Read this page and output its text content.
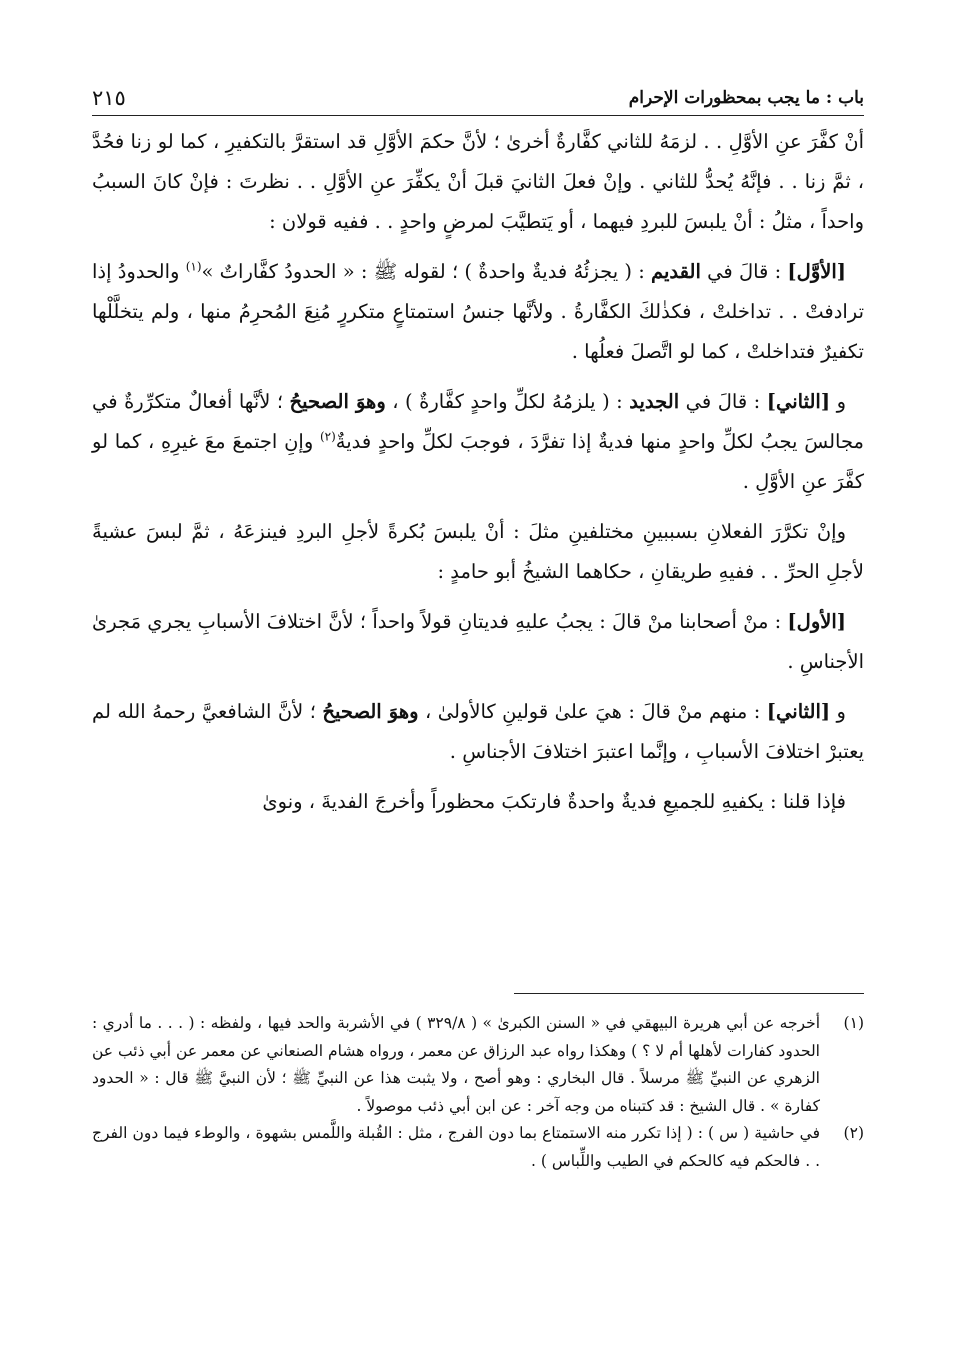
باب : ما يجب بمحظورات الإحرام
٢١٥

أنْ كفَّرَ عنِ الأوَّلِ . . لزمَهُ للثاني كفَّارةٌ أخرىٰ ؛ لأنَّ حكمَ الأوَّلِ قد استقرَّ بالتكفيرِ ، كما لو زنا فحُدَّ ، ثمَّ زنا . . فإنَّهُ يُحدُّ للثاني . وإنْ فعلَ الثانيَ قبلَ أنْ يكفِّرَ عنِ الأوَّلِ . . نظرتَ : فإنْ كانَ السببُ واحداً ، مثلُ : أنْ يلبسَ للبردِ فيهما ، أو يَتطيَّبَ لمرضٍ واحدٍ . . ففيه قولان :

[الأوَّل] : قالَ في القديم : ( يجزئُهُ فديةٌ واحدةٌ ) ؛ لقوله ﷺ : « الحدودُ كفَّاراتٌ »$^{(١)}$ والحدودُ إذا ترادفتْ . . تداخلتْ ، فكذٰلكَ الكفَّارةُ . ولأنَّها جنسُ استمتاعٍ متكررٍ مُنِعَ المُحرِمُ منها ، ولم يتخلَّلْها تكفيرٌ فتداخلتْ ، كما لو اتَّصلَ فعلُها .

و [الثاني] : قالَ في الجديد : ( يلزمُهُ لكلِّ واحدٍ كفَّارةٌ ) ، وهوَ الصحيحُ ؛ لأنَّها أفعالٌ متكرِّرةٌ في مجالسَ يجبُ لكلِّ واحدٍ منها فديةٌ إذا تفرَّدَ ، فوجبَ لكلِّ واحدٍ فديةٌ$^{(٢)}$ وإنِ اجتمعَ معَ غيرِهِ ، كما لو كفَّرَ عنِ الأوَّلِ .

وإنْ تكرَّرَ الفعلانِ بسببينِ مختلفينِ مثلَ : أنْ يلبسَ بُكرةً لأجلِ البردِ فينزعَهُ ، ثمَّ لبسَ عشيةً لأجلِ الحرِّ . . ففيهِ طريقانِ ، حكاهما الشيخُ أبو حامدٍ :

[الأول] : منْ أصحابنا منْ قالَ : يجبُ عليهِ فديتانِ قولاً واحداً ؛ لأنَّ اختلافَ الأسبابِ يجري مَجرىٰ الأجناسِ .

و [الثاني] : منهم منْ قالَ : هيَ علىٰ قولينِ كالأولىٰ ، وهوَ الصحيحُ ؛ لأنَّ الشافعيَّ رحمهُ الله لم يعتبرْ اختلافَ الأسبابِ ، وإنَّما اعتبرَ اختلافَ الأجناسِ .

فإذا قلنا : يكفيهِ للجميعِ فديةٌ واحدةٌ فارتكبَ محظوراً وأخرجَ الفديةَ ، ونوىٰ

(١)
أخرجه عن أبي هريرة البيهقي في « السنن الكبرىٰ » ( ٣٢٩/٨ ) في الأشربة والحد فيها ، ولفظه : ( . . . ما أدري : الحدود كفارات لأهلها أم لا ؟ ) وهكذا رواه عبد الرزاق عن معمر ، ورواه هشام الصنعاني عن معمر عن أبي ذئب عن الزهري عن النبيِّ ﷺ مرسلاً . قال البخاري : وهو أصح ، ولا يثبت هذا عن النبيِّ ﷺ ؛ لأن النبيَّ ﷺ قال : « الحدود كفارة » . قال الشيخ : قد كتبناه من وجه آخر : عن ابن أبي ذئب موصولاً .
(٢)
في حاشية ( س ) : ( إذا تكرر منه الاستمتاع بما دون الفرج ، مثل : القُبلة واللَّمس بشهوة ، والوطء فيما دون الفرج . . فالحكم فيه كالحكم في الطيب واللِّباس ) .
